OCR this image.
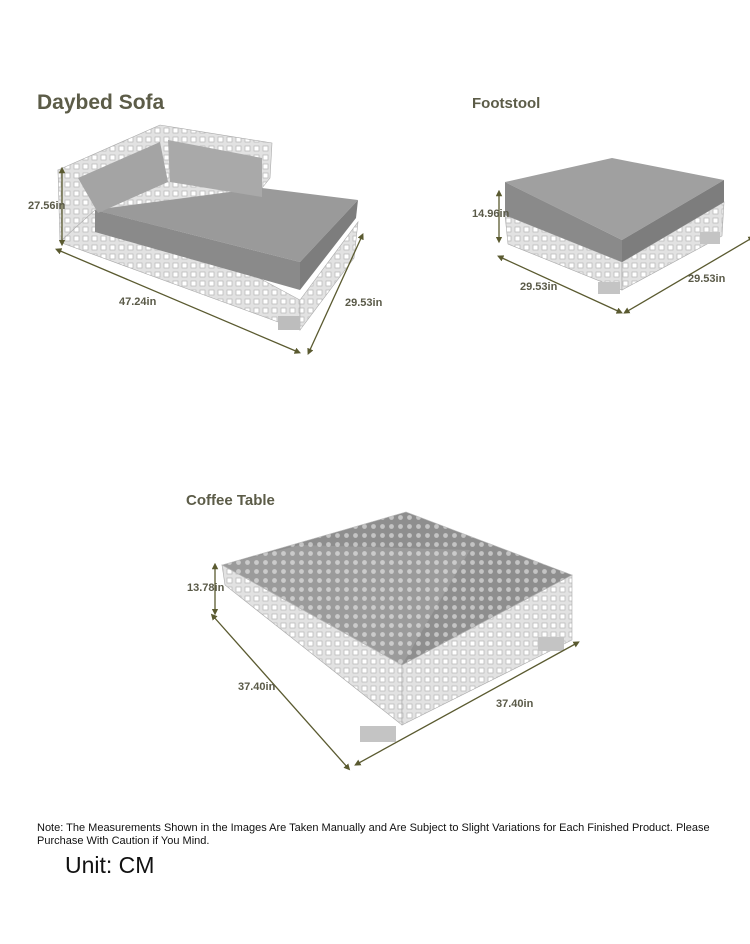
Daybed Sofa	Footstool
Coffee Table
27.56in
47.24in	29.53in
14.96in
29.53in
29.53in
13.78in
37.40in
37.40in
Note: The Measurements Shown in the Images Are Taken Manually and Are Subject to Slight Variations for Each Finished Product. Please Purchase With Caution if You Mind.
Unit: CM
